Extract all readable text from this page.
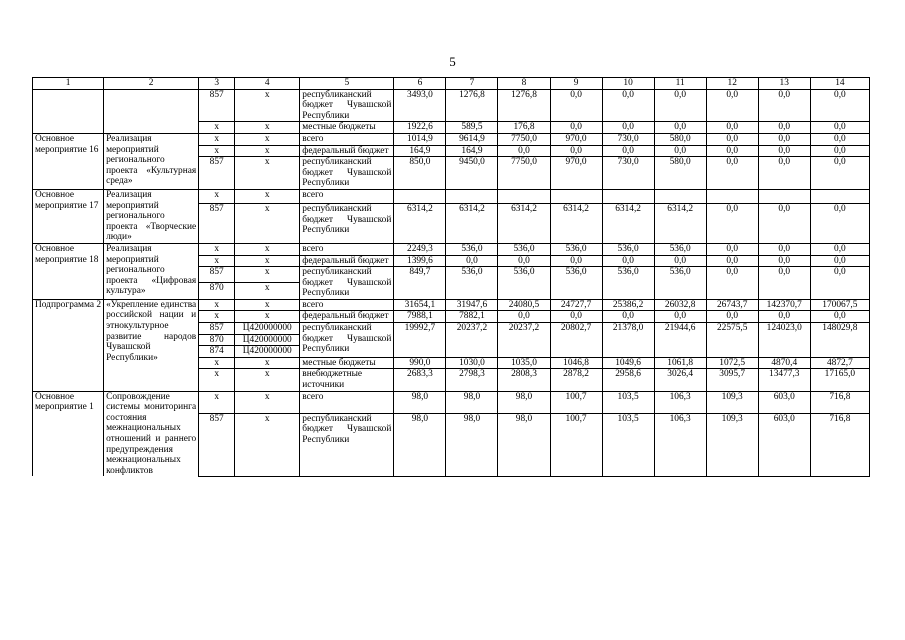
5
1	2	3	4	5	6	7	8	9	10	11	12	13	14
		857	x	республиканский бюджет Чувашской Республики	3493,0	1276,8	1276,8	0,0	0,0	0,0	0,0	0,0	0,0
		x	x	местные бюджеты	1922,6	589,5	176,8	0,0	0,0	0,0	0,0	0,0	0,0
Основное мероприятие 16	Реализация мероприятий регионального проекта «Культурная среда»	x	x	всего	1014,9	9614,9	7750,0	970,0	730,0	580,0	0,0	0,0	0,0
		x	x	федеральный бюджет	164,9	164,9	0,0	0,0	0,0	0,0	0,0	0,0	0,0
		857	x	республиканский бюджет Чувашской Республики	850,0	9450,0	7750,0	970,0	730,0	580,0	0,0	0,0	0,0
Основное мероприятие 17	Реализация мероприятий регионального проекта «Творческие люди»	x	x	всего									
		857	x	республиканский бюджет Чувашской Республики	6314,2	6314,2	6314,2	6314,2	6314,2	6314,2	0,0	0,0	0,0
Основное мероприятие 18	Реализация мероприятий регионального проекта «Цифровая культура»	x	x	всего	2249,3	536,0	536,0	536,0	536,0	536,0	0,0	0,0	0,0
		x	x	федеральный бюджет	1399,6	0,0	0,0	0,0	0,0	0,0	0,0	0,0	0,0
		857	x	республиканский бюджет Чувашской Республики	849,7	536,0	536,0	536,0	536,0	536,0	0,0	0,0	0,0
		870	x										
Подпрограмма 2	«Укрепление единства российской нации и этнокультурное развитие народов Чувашской Республики»	x	x	всего	31654,1	31947,6	24080,5	24727,7	25386,2	26032,8	26743,7	142370,7	170067,5
		x	x	федеральный бюджет	7988,1	7882,1	0,0	0,0	0,0	0,0	0,0	0,0	0,0
		857	Ц420000000	республиканский бюджет Чувашской Республики	19992,7	20237,2	20237,2	20802,7	21378,0	21944,6	22575,5	124023,0	148029,8
		870	Ц420000000										
		874	Ц420000000										
		x	x	местные бюджеты	990,0	1030,0	1035,0	1046,8	1049,6	1061,8	1072,5	4870,4	4872,7
		x	x	внебюджетные источники	2683,3	2798,3	2808,3	2878,2	2958,6	3026,4	3095,7	13477,3	17165,0
Основное мероприятие 1	Сопровождение системы мониторинга состояния межнациональных отношений и раннего предупреждения межнациональных конфликтов	x	x	всего	98,0	98,0	98,0	100,7	103,5	106,3	109,3	603,0	716,8
		857	x	республиканский бюджет Чувашской Республики	98,0	98,0	98,0	100,7	103,5	106,3	109,3	603,0	716,8
